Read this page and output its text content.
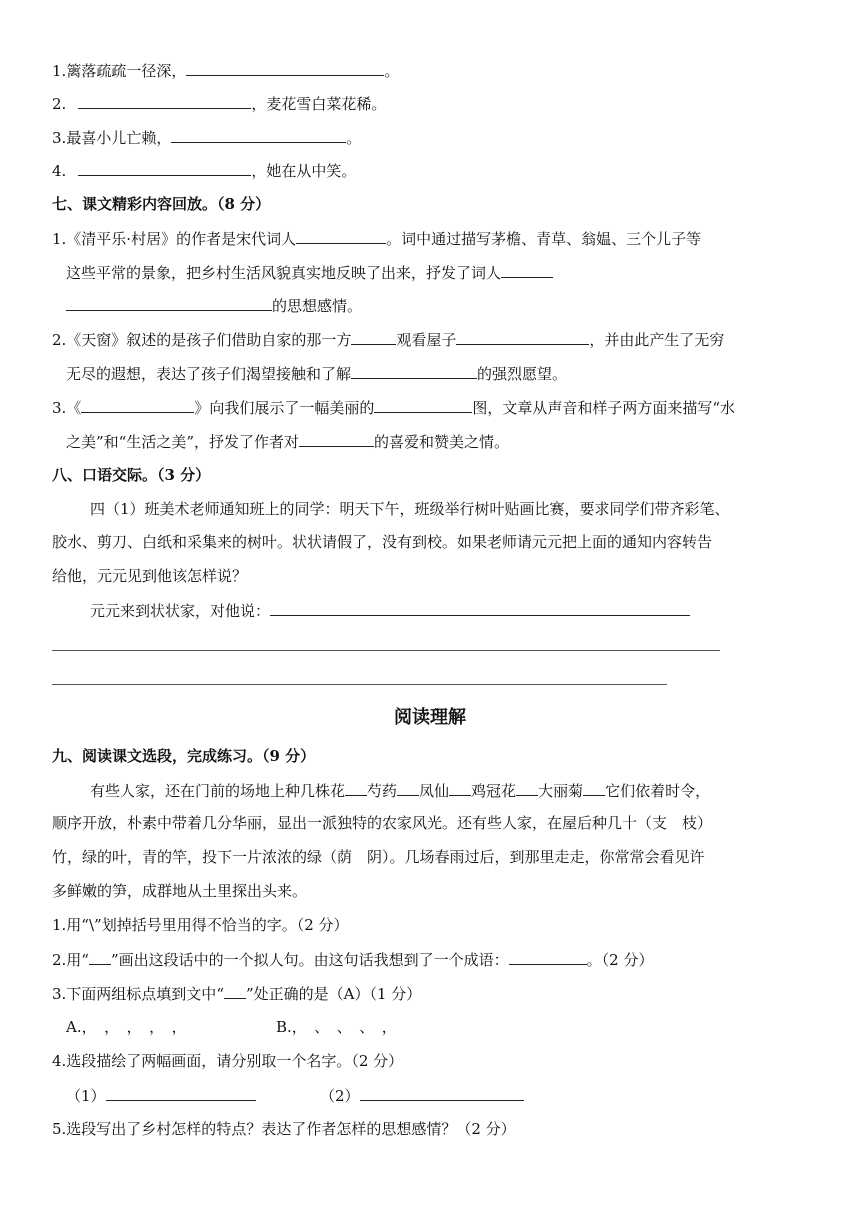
1.篱落疏疏一径深，	。
2.	，麦花雪白菜花稀。
3.最喜小儿亡赖，	。
4.	，她在从中笑。
七、课文精彩内容回放。（8 分）
1.《清平乐·村居》的作者是宋代词人	。词中通过描写茅檐、青草、翁媪、三个儿子等
这些平常的景象，把乡村生活风貌真实地反映了出来，抒发了词人
的思想感情。
2.《天窗》叙述的是孩子们借助自家的那一方	观看屋子	，并由此产生了无穷
无尽的遐想，表达了孩子们渴望接触和了解	的强烈愿望。
3.《	》向我们展示了一幅美丽的	图，文章从声音和样子两方面来描写“水
之美”和“生活之美”，抒发了作者对	的喜爱和赞美之情。
八、口语交际。（3 分）
四（1）班美术老师通知班上的同学：明天下午，班级举行树叶贴画比赛，要求同学们带齐彩笔、
胶水、剪刀、白纸和采集来的树叶。状状请假了，没有到校。如果老师请元元把上面的通知内容转告
给他，元元见到他该怎样说？
元元来到状状家，对他说：
阅读理解
九、阅读课文选段，完成练习。（9 分）
有些人家，还在门前的场地上种几株花 芍药 凤仙 鸡冠花 大丽菊 它们依着时令，
顺序开放，朴素中带着几分华丽，显出一派独特的农家风光。还有些人家，在屋后种几十（支　枝）
竹，绿的叶，青的竿，投下一片浓浓的绿（荫　阴）。几场春雨过后，到那里走走，你常常会看见许
多鲜嫩的笋，成群地从土里探出头来。
1.用“\”划掉括号里用得不恰当的字。（2 分）
2.用“ ”画出这段话中的一个拟人句。由这句话我想到了一个成语：	。（2 分）
3.下面两组标点填到文中“ ”处正确的是（A）（1 分）
A.，　，　，　，　，	B.，　、　、　、　，
4.选段描绘了两幅画面，请分别取一个名字。（2 分）
（1）	（2）
5.选段写出了乡村怎样的特点？表达了作者怎样的思想感情？（2 分）
